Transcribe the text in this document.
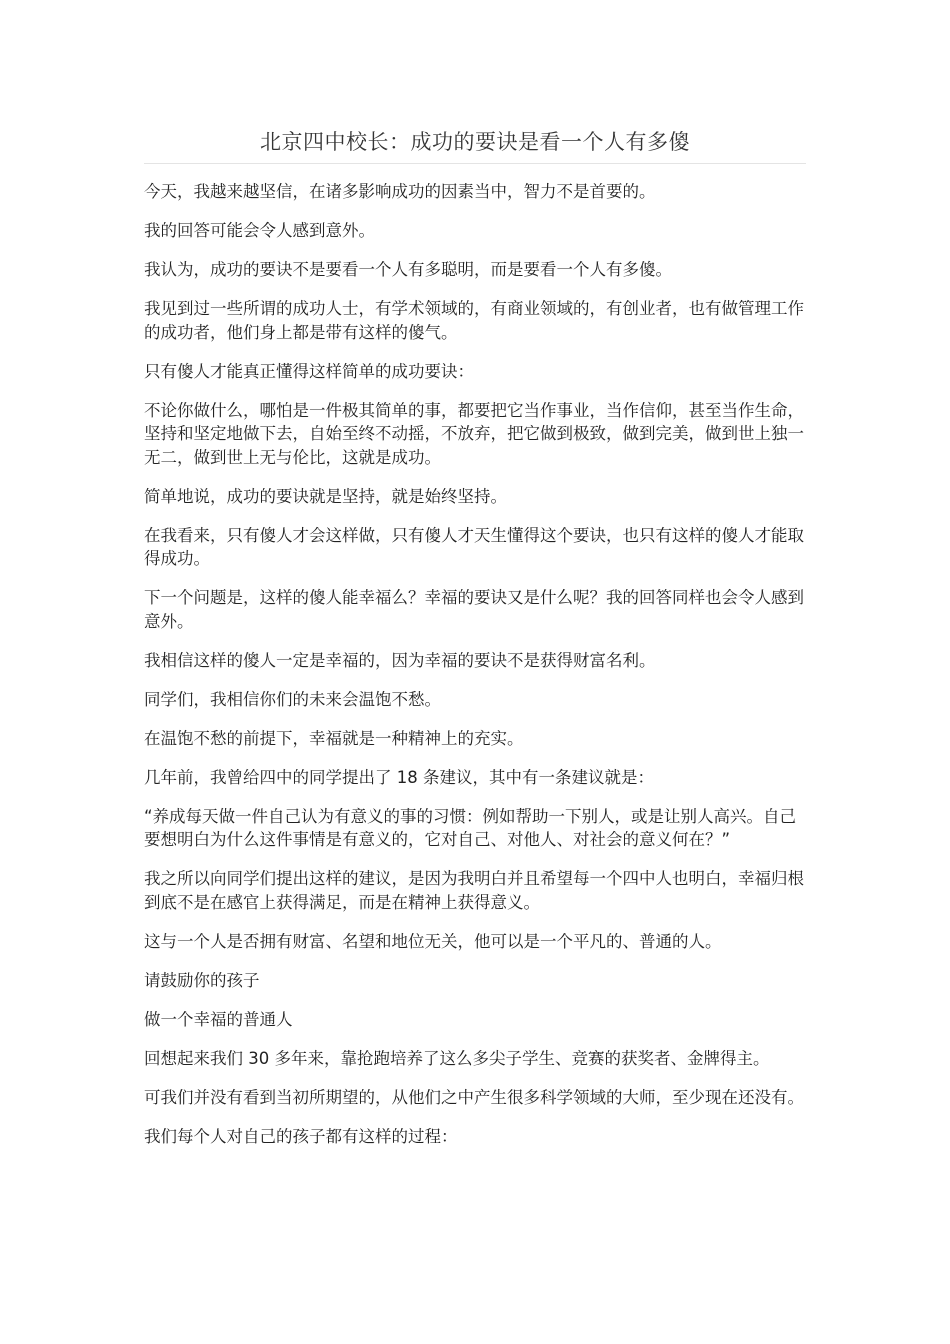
北京四中校长：成功的要诀是看一个人有多傻

今天，我越来越坚信，在诸多影响成功的因素当中，智力不是首要的。

我的回答可能会令人感到意外。

我认为，成功的要诀不是要看一个人有多聪明，而是要看一个人有多傻。

我见到过一些所谓的成功人士，有学术领域的，有商业领域的，有创业者，也有做管理工作的成功者，他们身上都是带有这样的傻气。

只有傻人才能真正懂得这样简单的成功要诀：

不论你做什么，哪怕是一件极其简单的事，都要把它当作事业，当作信仰，甚至当作生命，坚持和坚定地做下去，自始至终不动摇，不放弃，把它做到极致，做到完美，做到世上独一无二，做到世上无与伦比，这就是成功。

简单地说，成功的要诀就是坚持，就是始终坚持。

在我看来，只有傻人才会这样做，只有傻人才天生懂得这个要诀，也只有这样的傻人才能取得成功。

下一个问题是，这样的傻人能幸福么？幸福的要诀又是什么呢？我的回答同样也会令人感到意外。

我相信这样的傻人一定是幸福的，因为幸福的要诀不是获得财富名利。

同学们，我相信你们的未来会温饱不愁。

在温饱不愁的前提下，幸福就是一种精神上的充实。

几年前，我曾给四中的同学提出了 18 条建议，其中有一条建议就是：

“养成每天做一件自己认为有意义的事的习惯：例如帮助一下别人，或是让别人高兴。自己要想明白为什么这件事情是有意义的，它对自己、对他人、对社会的意义何在？”

我之所以向同学们提出这样的建议，是因为我明白并且希望每一个四中人也明白，幸福归根到底不是在感官上获得满足，而是在精神上获得意义。

这与一个人是否拥有财富、名望和地位无关，他可以是一个平凡的、普通的人。

请鼓励你的孩子

做一个幸福的普通人

回想起来我们 30 多年来，靠抢跑培养了这么多尖子学生、竞赛的获奖者、金牌得主。

可我们并没有看到当初所期望的，从他们之中产生很多科学领域的大师，至少现在还没有。

我们每个人对自己的孩子都有这样的过程：
